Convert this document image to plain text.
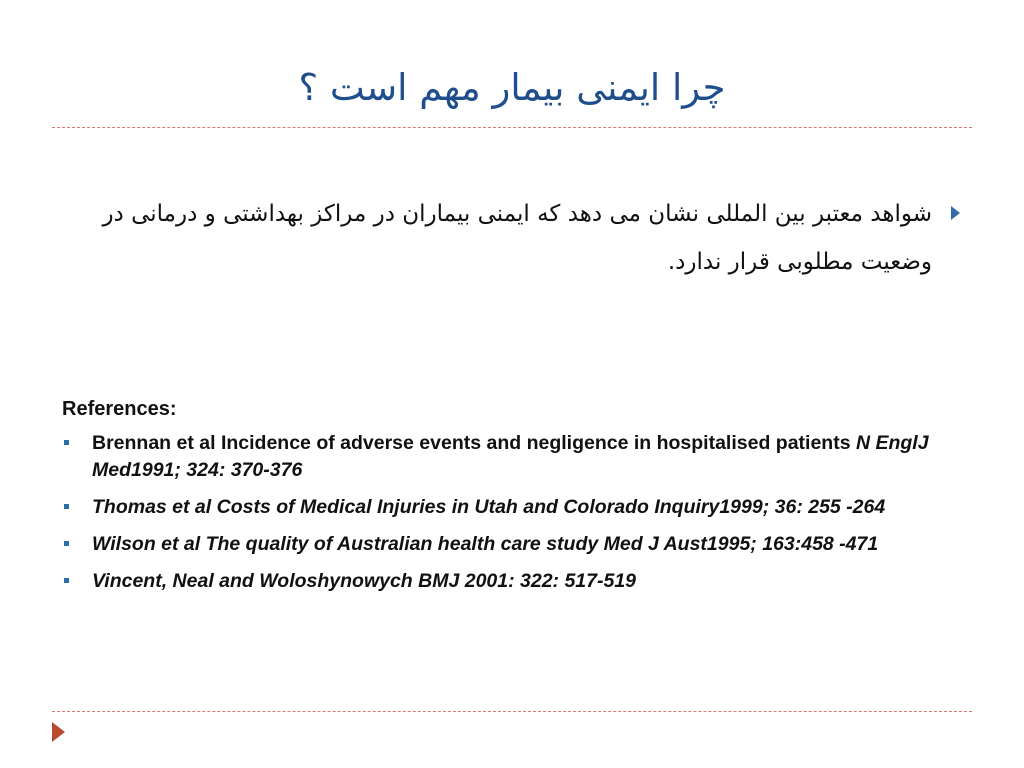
چرا ایمنی بیمار مهم است ؟
شواهد معتبر بین المللی نشان می دهد که ایمنی بیماران در مراکز بهداشتی و درمانی در وضعیت مطلوبی قرار ندارد.
References:
Brennan et al Incidence of adverse events and negligence in hospitalised patients N EnglJ Med1991; 324: 370-376
Thomas et al Costs of Medical Injuries in Utah and Colorado Inquiry1999; 36: 255 -264
Wilson et al The quality of Australian health care study Med J Aust1995; 163:458 -471
Vincent, Neal and Woloshynowych BMJ 2001: 322: 517-519
